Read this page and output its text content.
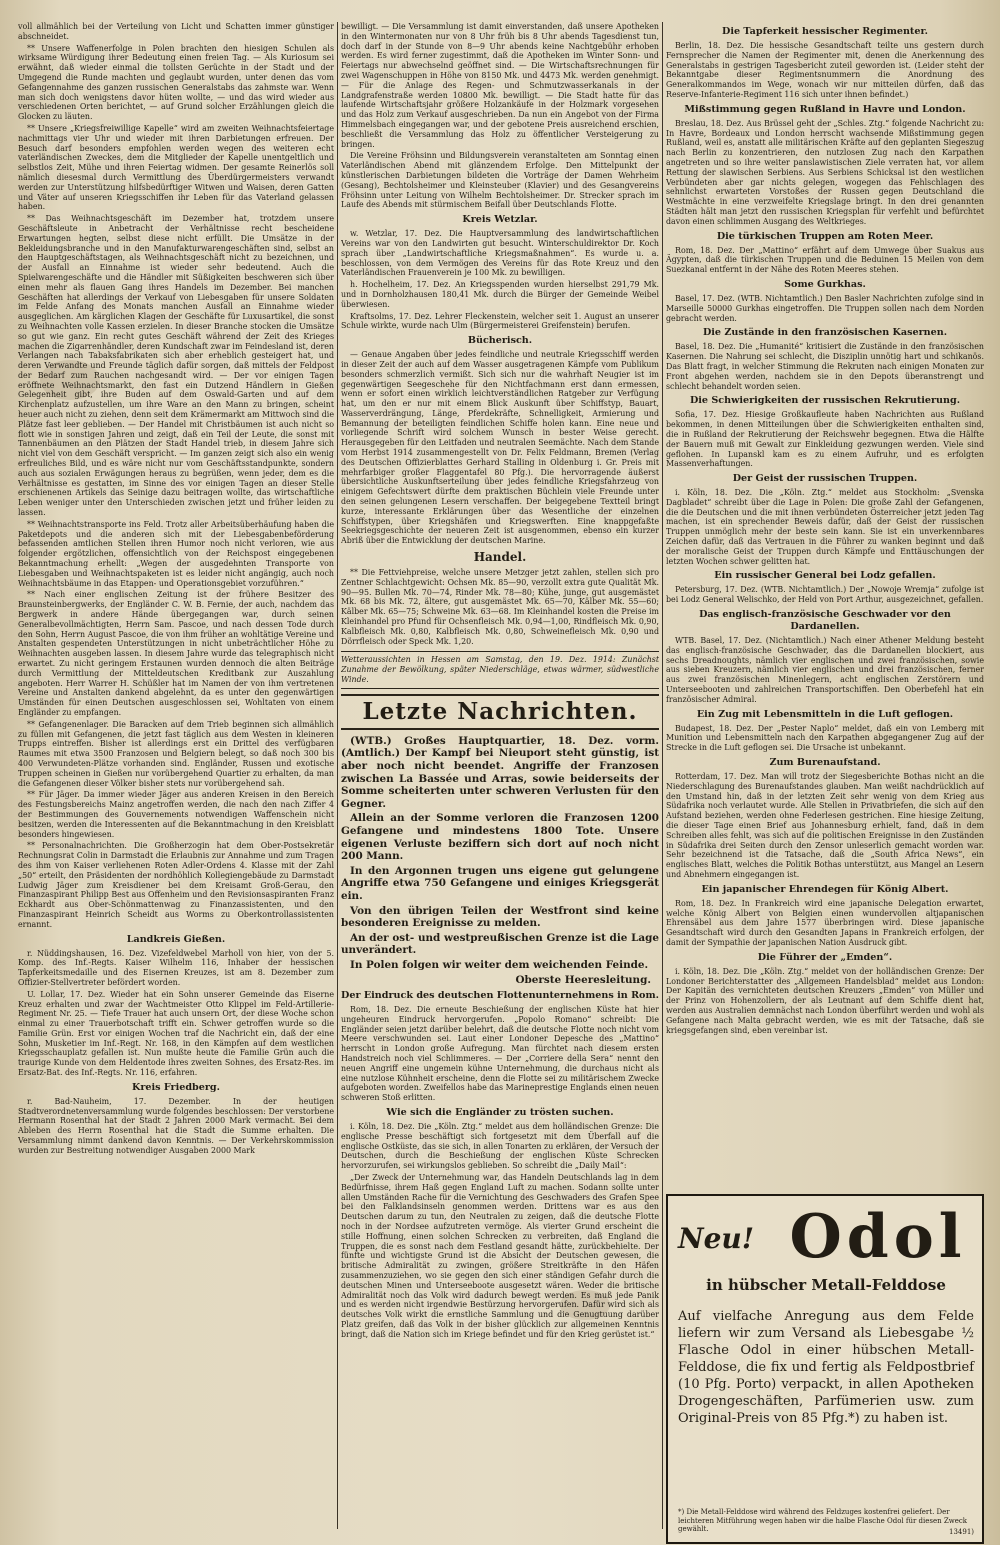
voll allmählich bei der Verteilung von Licht und Schatten immer günstiger abschneidet.

** Unsere Waffenerfolge in Polen brachten den hiesigen Schulen als wirksame Würdigung ihrer Bedeutung einen freien Tag. — Als Kuriosum sei erwähnt, daß wieder einmal die tollsten Gerüchte in der Stadt und der Umgegend die Runde machten und geglaubt wurden, unter denen das vom Gefangennahme des ganzen russischen Generalstabs das zahmste war. Wenn man sich doch wenigstens davor hüten wollte, — und das wird wieder aus verschiedenen Orten berichtet, — auf Grund solcher Erzählungen gleich die Glocken zu läuten.

** Unsere „Kriegsfreiwillige Kapelle“ wird am zweiten Weihnachtsfeiertage nachmittags vier Uhr und wieder mit ihren Darbietungen erfreuen. Der Besuch darf besonders empfohlen werden wegen des weiteren echt vaterländischen Zweckes, dem die Mitglieder der Kapelle unentgeltlich und selbstlos Zeit, Mühe und ihren Feiertag widmen. Der gesamte Reinerlös soll nämlich diesesmal durch Vermittlung des Überdürgermeisters verwandt werden zur Unterstützung hilfsbedürftiger Witwen und Waisen, deren Gatten und Väter auf unseren Kriegsschiffen ihr Leben für das Vaterland gelassen haben.

** Das Weihnachtsgeschäft im Dezember hat, trotzdem unsere Geschäftsleute in Anbetracht der Verhältnisse recht bescheidene Erwartungen hegten, selbst diese nicht erfüllt. Die Umsätze in der Bekleidungsbranche und in den Manufakturwarengeschäften sind, selbst an den Hauptgeschäftstagen, als Weihnachtsgeschäft nicht zu bezeichnen, und der Ausfall an Einnahme ist wieder sehr bedeutend. Auch die Spielwarengeschäfte und die Händler mit Süßigkeiten beschweren sich über einen mehr als flauen Gang ihres Handels im Dezember. Bei manchen Geschäften hat allerdings der Verkauf von Liebesgaben für unsere Soldaten im Felde Anfang des Monats manchen Ausfall an Einnahme wieder ausgeglichen. Am kärglichen Klagen der Geschäfte für Luxusartikel, die sonst zu Weihnachten volle Kassen erzielen. In dieser Branche stocken die Umsätze so gut wie ganz. Ein recht gutes Geschäft während der Zeit des Krieges machen die Zigarrenhändler, deren Kundschaft zwar im Feindesland ist, deren Verlangen nach Tabaksfabrikaten sich aber erheblich gesteigert hat, und deren Verwandte und Freunde täglich dafür sorgen, daß mittels der Feldpost der Bedarf zum Rauchen nachgesandt wird. — Der vor einigen Tagen eröffnete Weihnachtsmarkt, den fast ein Dutzend Händlern in Gießen Gelegenheit gibt, ihre Buden auf dem Oswald-Garten und auf dem Kirchenplatz aufzustellen, um ihre Ware an den Mann zu bringen, scheint heuer auch nicht zu ziehen, denn seit dem Krämermarkt am Mittwoch sind die Plätze fast leer geblieben. — Der Handel mit Christbäumen ist auch nicht so flott wie in sonstigen Jahren und zeigt, daß ein Teil der Leute, die sonst mit Tannenbäumen an den Plätzen der Stadt Handel trieb, in diesem Jahre sich nicht viel von dem Geschäft verspricht. — Im ganzen zeigt sich also ein wenig erfreuliches Bild, und es wäre nicht nur vom Geschäftsstandpunkte, sondern auch aus sozialen Erwägungen heraus zu begrüßen, wenn jeder, dem es die Verhältnisse es gestatten, im Sinne des vor einigen Tagen an dieser Stelle erschienenen Artikels das Seinige dazu beitragen wollte, das wirtschaftliche Leben weniger unter den Unterschieden zwischen jetzt und früher leiden zu lassen.

** Weihnachtstransporte ins Feld. Trotz aller Arbeitsüberhäufung haben die Paketdepots und die anderen sich mit der Liebesgabenbeförderung befassenden amtlichen Stellen ihren Humor noch nicht verloren, wie aus folgender ergötzlichen, offensichtlich von der Reichspost eingegebenen Bekanntmachung erhellt: „Wegen der ausgedehnten Transporte von Liebesgaben und Weihnachtspaketen ist es leider nicht angängig, auch noch Weihnachtsbäume in das Etappen- und Operationsgebiet vorzuführen.“

** Nach einer englischen Zeitung ist der frühere Besitzer des Braunsteinbergwerks, der Engländer C. W. B. Fernie, der auch, nachdem das Bergwerk in andere Hände übergegangen war, durch seinen Generalbevollmächtigten, Herrn Sam. Pascoe, und nach dessen Tode durch den Sohn, Herrn August Pascoe, die von ihm früher an wohltätige Vereine und Anstalten gespendeten Unterstützungen in nicht unbeträchtlicher Höhe zu Weihnachten ausgeben lassen. In diesem Jahre wurde das telegraphisch nicht erwartet. Zu nicht geringem Erstaunen wurden dennoch die alten Beiträge durch Vermittlung der Mitteldeutschen Kreditbank zur Auszahlung angeboten. Herr Warrer H. Schüßler hat im Namen der von ihm vertretenen Vereine und Anstalten dankend abgelehnt, da es unter den gegenwärtigen Umständen für einen Deutschen ausgeschlossen sei, Wohltaten von einem Engländer zu empfangen.

** Gefangenenlager. Die Baracken auf dem Trieb beginnen sich allmählich zu füllen mit Gefangenen, die jetzt fast täglich aus dem Westen in kleineren Trupps eintreffen. Bisher ist allerdings erst ein Drittel des verfügbaren Raumes mit etwa 3500 Franzosen und Belgiern belegt, so daß noch 300 bis 400 Verwundeten-Plätze vorhanden sind. Engländer, Russen und exotische Truppen scheinen in Gießen nur vorübergehend Quartier zu erhalten, da man die Gefangenen dieser Völker bisher stets nur vorübergehend sah.

** Für Jäger. Da immer wieder Jäger aus anderen Kreisen in den Bereich des Festungsbereichs Mainz angetroffen werden, die nach den nach Ziffer 4 der Bestimmungen des Gouvernements notwendigen Waffenschein nicht besitzen, werden die Interessenten auf die Bekanntmachung in den Kreisblatt besonders hingewiesen.

** Personalnachrichten. Die Großherzogin hat dem Ober-Postsekretär Rechnungsrat Colin in Darmstadt die Erlaubnis zur Annahme und zum Tragen des ihm von Kaiser verliehenen Roten Adler-Ordens 4. Klasse mit der Zahl „50“ erteilt, den Präsidenten der nordhöhlich Kollegiengebäude zu Darmstadt Ludwig Jäger zum Kreisdiener bei dem Kreisamt Groß-Gerau, den Finanzaspirant Philipp Best aus Offenheim und den Revisionsaspiranten Franz Eckhardt aus Ober-Schönmattenwag zu Finanzassistenten, und den Finanzaspirant Heinrich Scheidt aus Worms zu Oberkontrollassistenten ernannt.

Landkreis Gießen.

r. Nüddingshausen, 16. Dez. Vizefeldwebel Marholl von hier, von der 5. Komp. des Inf.-Regts. Kaiser Wilhelm 116, Inhaber der hessischen Tapferkeitsmedaille und des Eisernen Kreuzes, ist am 8. Dezember zum Offizier-Stellvertreter befördert worden.

U. Lollar, 17. Dez. Wieder hat ein Sohn unserer Gemeinde das Eiserne Kreuz erhalten und zwar der Wachtmeister Otto Klippel im Feld-Artillerie-Regiment Nr. 25. — Tiefe Trauer hat auch unsern Ort, der diese Woche schon einmal zu einer Trauerbotschaft trifft ein. Schwer getroffen wurde so die Familie Grün. Erst vor einigen Wochen traf die Nachricht ein, daß der eine Sohn, Musketier im Inf.-Regt. Nr. 168, in den Kämpfen auf dem westlichen Kriegsschauplatz gefallen ist. Nun mußte heute die Familie Grün auch die traurige Kunde von dem Heldentode ihres zweiten Sohnes, des Ersatz-Res. im Ersatz-Bat. des Inf.-Regts. Nr. 116, erfahren.

Kreis Friedberg.

r. Bad-Nauheim, 17. Dezember. In der heutigen Stadtverordnetenversammlung wurde folgendes beschlossen: Der verstorbene Hermann Rosenthal hat der Stadt 2 Jahren 2000 Mark vermacht. Bei dem Ableben des Herrn Rosenthal hat die Stadt die Summe erhalten. Die Versammlung nimmt dankend davon Kenntnis. — Der Verkehrskommission wurden zur Bestreitung notwendiger Ausgaben 2000 Mark

bewilligt. — Die Versammlung ist damit einverstanden, daß unsere Apotheken in den Wintermonaten nur von 8 Uhr früh bis 8 Uhr abends Tagesdienst tun, doch darf in der Stunde von 8—9 Uhr abends keine Nachtgebühr erhoben werden. Es wird ferner zugestimmt, daß die Apotheken im Winter Sonn- und Feiertags nur abwechselnd geöffnet sind. — Die Wirtschaftsrechnungen für zwei Wagenschuppen in Höhe von 8150 Mk. und 4473 Mk. werden genehmigt. — Für die Anlage des Regen- und Schmutzwasserkanals in der Landgrafenstraße werden 10800 Mk. bewilligt. — Die Stadt hatte für das laufende Wirtschaftsjahr größere Holzankäufe in der Holzmark vorgesehen und das Holz zum Verkauf ausgeschrieben. Da nun ein Angebot von der Firma Himmelsbach eingegangen war, und der gebotene Preis ausreichend erschien, beschließt die Versammlung das Holz zu öffentlicher Versteigerung zu bringen.

Die Vereine Fröhsinn und Bildungsverein veranstalteten am Sonntag einen Vaterländischen Abend mit glänzendem Erfolge. Den Mittelpunkt der künstlerischen Darbietungen bildeten die Vorträge der Damen Wehrheim (Gesang), Bechtolsheimer und Kleinsteuber (Klavier) und des Gesangvereins Fröhsinn unter Leitung von Wilhelm Bechtolsheimer. Dr. Strecker sprach im Laufe des Abends mit stürmischem Beifall über Deutschlands Flotte.

Kreis Wetzlar.

w. Wetzlar, 17. Dez. Die Hauptversammlung des landwirtschaftlichen Vereins war von den Landwirten gut besucht. Winterschuldirektor Dr. Koch sprach über „Landwirtschaftliche Kriegsmaßnahmen“. Es wurde u. a. beschlossen, von dem Vermögen des Vereins für das Rote Kreuz und den Vaterländischen Frauenverein je 100 Mk. zu bewilligen.

h. Hochelheim, 17. Dez. An Kriegsspenden wurden hierselbst 291,79 Mk. und in Dornholzhausen 180,41 Mk. durch die Bürger der Gemeinde Weibel überwiesen.

Kraftsolms, 17. Dez. Lehrer Fleckenstein, welcher seit 1. August an unserer Schule wirkte, wurde nach Ulm (Bürgermeisterei Greifenstein) berufen.

Bücherisch.

— Genaue Angaben über jedes feindliche und neutrale Kriegsschiff werden in dieser Zeit der auch auf dem Wasser ausgetragenen Kämpfe vom Publikum besonders schmerzlich vermißt. Sich sich nur die wahrhaft Neugier ist im gegenwärtigen Seegeschehe für den Nichtfachmann erst dann ermessen, wenn er sofort einen wirklich leichtverständlichen Ratgeber zur Verfügung hat, um den er nur mit einem Blick Auskunft über Schiffstyp, Bauart, Wasserverdrängung, Länge, Pferdekräfte, Schnelligkeit, Armierung und Bemannung der beteiligten feindlichen Schiffe holen kann. Eine neue und vorliegende Schrift wird solchem Wunsch in bester Weise gerecht. Herausgegeben für den Leitfaden und neutralen Seemächte. Nach dem Stande vom Herbst 1914 zusammengestellt von Dr. Felix Feldmann, Bremen (Verlag des Deutschen Offizierblattes Gerhard Stalling in Oldenburg i. Gr. Preis mit mehrfarbiger großer Flaggentafel 80 Pfg.). Die hervorragende äußerst übersichtliche Auskunftserteilung über jedes feindliche Kriegsfahrzeug von einigem Gefechtswert dürfte dem praktischen Büchlein viele Freunde unter den seinen gelungenen Lesern verschaffen. Der beigegebene Textteil bringt kurze, interessante Erklärungen über das Wesentliche der einzelnen Schiffstypen, über Kriegshäfen und Kriegswerften. Eine knappgefaßte Seekriegsgeschichte der neueren Zeit ist ausgenommen, ebenso ein kurzer Abriß über die Entwicklung der deutschen Marine.

Handel.

** Die Fettviehpreise, welche unsere Metzger jetzt zahlen, stellen sich pro Zentner Schlachtgewicht: Ochsen Mk. 85—90, verzollt extra gute Qualität Mk. 90—95. Bullen Mk. 70—74, Rinder Mk. 78—80; Kühe, junge, gut ausgemästet Mk. 68 bis Mk. 72, ältere, gut ausgemästet Mk. 65—70, Kälber Mk. 55—60; Kälber Mk. 65—75; Schweine Mk. 63—68. Im Kleinhandel kosten die Preise im Kleinhandel pro Pfund für Ochsenfleisch Mk. 0,94—1,00, Rindfleisch Mk. 0,90, Kalbfleisch Mk. 0,80, Kalbfleisch Mk. 0,80, Schweinefleisch Mk. 0,90 und Dörrfleisch oder Speck Mk. 1,20.

Wetteraussichten in Hessen am Samstag, den 19. Dez. 1914: Zunächst Zunahme der Bewölkung, später Niederschläge, etwas wärmer, südwestliche Winde.
Letzte Nachrichten.

(WTB.) Großes Hauptquartier, 18. Dez. vorm. (Amtlich.) Der Kampf bei Nieuport steht günstig, ist aber noch nicht beendet. Angriffe der Franzosen zwischen La Bassée und Arras, sowie beiderseits der Somme scheiterten unter schweren Verlusten für den Gegner.

Allein an der Somme verloren die Franzosen 1200 Gefangene und mindestens 1800 Tote. Unsere eigenen Verluste beziffern sich dort auf noch nicht 200 Mann.

In den Argonnen trugen uns eigene gut gelungene Angriffe etwa 750 Gefangene und einiges Kriegsgerät ein.

Von den übrigen Teilen der Westfront sind keine besonderen Ereignisse zu melden.

An der ost- und westpreußischen Grenze ist die Lage unverändert.

In Polen folgen wir weiter dem weichenden Feinde.

Oberste Heeresleitung.
Der Eindruck des deutschen Flottenunternehmens in Rom.

Rom, 18. Dez. Die erneute Beschießung der englischen Küste hat hier ungeheuren Eindruck hervorgerufen. „Popolo Romano“ schreibt: Die Engländer seien jetzt darüber belehrt, daß die deutsche Flotte noch nicht vom Meere verschwunden sei. Laut einer Londoner Depesche des „Mattino“ herrscht in London große Aufregung. Man fürchtet nach diesem ersten Handstreich noch viel Schlimmeres. — Der „Corriere della Sera“ nennt den neuen Angriff eine ungemein kühne Unternehmung, die durchaus nicht als eine nutzlose Kühnheit erscheine, denn die Flotte sei zu militärischem Zwecke aufgeboten worden. Zweifellos habe das Marineprestige Englands einen neuen schweren Stoß erlitten.

Wie sich die Engländer zu trösten suchen.

i. Köln, 18. Dez. Die „Köln. Ztg.“ meldet aus dem holländischen Grenze: Die englische Presse beschäftigt sich fortgesetzt mit dem Überfall auf die englische Ostküste, das sie sich, in allen Tonarten zu erklären, der Versuch der Deutschen, durch die Beschießung der englischen Küste Schrecken hervorzurufen, sei wirkungslos geblieben. So schreibt die „Daily Mail“:

„Der Zweck der Unternehmung war, das Handeln Deutschlands lag in dem Bedürfnisse, ihrem Haß gegen England Luft zu machen. Sodann sollte unter allen Umständen Rache für die Vernichtung des Geschwaders des Grafen Spee bei den Falklandsinseln genommen werden. Drittens war es aus den Deutschen darum zu tun, den Neutralen zu zeigen, daß die deutsche Flotte noch in der Nordsee aufzutreten vermöge. Als vierter Grund erscheint die stille Hoffnung, einen solchen Schrecken zu verbreiten, daß England die Truppen, die es sonst nach dem Festland gesandt hätte, zurückbehielte. Der fünfte und wichtigste Grund ist die Absicht der Deutschen gewesen, die britische Admiralität zu zwingen, größere Streitkräfte in den Häfen zusammenzuziehen, wo sie gegen den sich einer ständigen Gefahr durch die deutschen Minen und Unterseeboote ausgesetzt wären. Weder die britische Admiralität noch das Volk wird dadurch bewegt werden. Es muß jede Panik und es werden nicht irgendwie Bestürzung hervorgerufen. Dafür wird sich als deutsches Volk wirkt die ernstliche Sammlung und die Genugtuung darüber Platz greifen, daß das Volk in der bisher glücklich zur allgemeinen Kenntnis bringt, daß die Nation sich im Kriege befindet und für den Krieg gerüstet ist.“

Die Tapferkeit hessischer Regimenter.

Berlin, 18. Dez. Die hessische Gesandtschaft teilte uns gestern durch Fernsprecher die Namen der Regimenter mit, denen die Anerkennung des Generalstabs in gestrigen Tagesbericht zuteil geworden ist. (Leider steht der Bekanntgabe dieser Regimentsnummern die Anordnung des Generalkommandos im Wege, wonach wir nur mitteilen dürfen, daß das Reserve-Infanterie-Regiment 116 sich unter ihnen befindet.)

Mißstimmung gegen Rußland in Havre und London.

Breslau, 18. Dez. Aus Brüssel geht der „Schles. Ztg.“ folgende Nachricht zu: In Havre, Bordeaux und London herrscht wachsende Mißstimmung gegen Rußland, weil es, anstatt alle militärischen Kräfte auf den geplanten Siegeszug nach Berlin zu konzentrieren, den nutzlosen Zug nach den Karpathen angetreten und so ihre weiter panslawistischen Ziele verraten hat, vor allem Rettung der slawischen Serbiens. Aus Serbiens Schicksal ist den westlichen Verbündeten aber gar nichts gelegen, wogegen das Fehlschlagen des sehnlichst erwarteten Vorstoßes der Russen gegen Deutschland die Westmächte in eine verzweifelte Kriegslage bringt. In den drei genannten Städten hält man jetzt den russischen Kriegsplan für verfehlt und befürchtet davon einen schlimmen Ausgang des Weltkrieges.

Die türkischen Truppen am Roten Meer.

Rom, 18. Dez. Der „Mattino“ erfährt auf dem Umwege über Suakus aus Ägypten, daß die türkischen Truppen und die Beduinen 15 Meilen von dem Suezkanal entfernt in der Nähe des Roten Meeres stehen.

Some Gurkhas.

Basel, 17. Dez. (WTB. Nichtamtlich.) Den Basler Nachrichten zufolge sind in Marseille 50000 Gurkhas eingetroffen. Die Truppen sollen nach dem Norden gebracht werden.

Die Zustände in den französischen Kasernen.

Basel, 18. Dez. Die „Humanité“ kritisiert die Zustände in den französischen Kasernen. Die Nahrung sei schlecht, die Disziplin unnötig hart und schikanös. Das Blatt fragt, in welcher Stimmung die Rekruten nach einigen Monaten zur Front abgehen werden, nachdem sie in den Depots überanstrengt und schlecht behandelt worden seien.

Die Schwierigkeiten der russischen Rekrutierung.

Sofia, 17. Dez. Hiesige Großkaufleute haben Nachrichten aus Rußland bekommen, in denen Mitteilungen über die Schwierigkeiten enthalten sind, die in Rußland der Rekrutierung der Reichswehr begegnen. Etwa die Hälfte der Bauern muß mit Gewalt zur Einkleidung gezwungen werden. Viele sind geflohen. In Lupanskl kam es zu einem Aufruhr, und es erfolgten Massenverhaftungen.

Der Geist der russischen Truppen.

i. Köln, 18. Dez. Die „Köln. Ztg.“ meldet aus Stockholm: „Svenska Dagbladet“ schreibt über die Lage in Polen: Die große Zahl der Gefangenen, die die Deutschen und die mit ihnen verbündeten Österreicher jetzt jeden Tag machen, ist ein sprechender Beweis dafür, daß der Geist der russischen Truppen unmöglich mehr der beste sein kann. Sie ist ein unverkennbares Zeichen dafür, daß das Vertrauen in die Führer zu wanken beginnt und daß der moralische Geist der Truppen durch Kämpfe und Enttäuschungen der letzten Wochen schwer gelitten hat.

Ein russischer General bei Lodz gefallen.

Petersburg, 17. Dez. (WTB. Nichtamtlich.) Der „Nowoje Wremja“ zufolge ist bei Lodz General Welischko, der Held von Port Arthur, ausgezeichnet, gefallen.

Das englisch-französische Geschwader vor den Dardanellen.

WTB. Basel, 17. Dez. (Nichtamtlich.) Nach einer Athener Meldung besteht das englisch-französische Geschwader, das die Dardanellen blockiert, aus sechs Dreadnoughts, nämlich vier englischen und zwei französischen, sowie aus sieben Kreuzern, nämlich vier englischen und drei französischen, ferner aus zwei französischen Minenlegern, acht englischen Zerstörern und Unterseebooten und zahlreichen Transportschiffen. Den Oberbefehl hat ein französischer Admiral.

Ein Zug mit Lebensmitteln in die Luft geflogen.

Budapest, 18. Dez. Der „Pester Naplo“ meldet, daß ein von Lemberg mit Munition und Lebensmitteln nach den Karpathen abgegangener Zug auf der Strecke in die Luft geflogen sei. Die Ursache ist unbekannt.

Zum Burenaufstand.

Rotterdam, 17. Dez. Man will trotz der Siegesberichte Bothas nicht an die Niederschlagung des Burenaufstandes glauben. Man weißt nachdrücklich auf den Umstand hin, daß in der letzten Zeit sehr wenig von dem Krieg aus Südafrika noch verlautet wurde. Alle Stellen in Privatbriefen, die sich auf den Aufstand beziehen, werden ohne Federlesen gestrichen. Eine hiesige Zeitung, die dieser Tage einen Brief aus Johannesburg erhielt, fand, daß in dem Schreiben alles fehlt, was sich auf die politischen Ereignisse in den Zuständen in Südafrika drei Seiten durch den Zensor unleserlich gemacht worden war. Sehr bezeichnend ist die Tatsache, daß die „South Africa News“, ein englisches Blatt, welches die Politik Bothas unterstützt, aus Mangel an Lesern und Abnehmern eingegangen ist.

Ein japanischer Ehrendegen für König Albert.

Rom, 18. Dez. In Frankreich wird eine japanische Delegation erwartet, welche König Albert von Belgien einen wundervollen altjapanischen Ehrensäbel aus dem Jahre 1577 überbringen wird. Diese japanische Gesandtschaft wird durch den Gesandten Japans in Frankreich erfolgen, der damit der Sympathie der japanischen Nation Ausdruck gibt.

Die Führer der „Emden“.

i. Köln, 18. Dez. Die „Köln. Ztg.“ meldet von der holländischen Grenze: Der Londoner Berichterstatter des „Allgemeen Handelsblad“ meldet aus London: Der Kapitän des vernichteten deutschen Kreuzers „Emden“ von Müller und der Prinz von Hohenzollern, der als Leutnant auf dem Schiffe dient hat, werden aus Australien demnächst nach London überführt werden und wohl als Gefangene nach Malta gebracht werden, wie es mit der Tatsache, daß sie kriegsgefangen sind, eben vereinbar ist.

Neu! Odol
in hübscher Metall-Felddose
Auf vielfache Anregung aus dem Felde liefern wir zum Versand als Liebesgabe ½ Flasche Odol in einer hübschen Metall-Felddose, die fix und fertig als Feldpostbrief (10 Pfg. Porto) verpackt, in allen Apotheken Drogengeschäften, Parfümerien usw. zum Original-Preis von 85 Pfg.*) zu haben ist.
*) Die Metall-Felddose wird während des Feldzuges kostenfrei geliefert. Der leichteren Mitführung wegen haben wir die halbe Flasche Odol für diesen Zweck gewählt.	13491)
